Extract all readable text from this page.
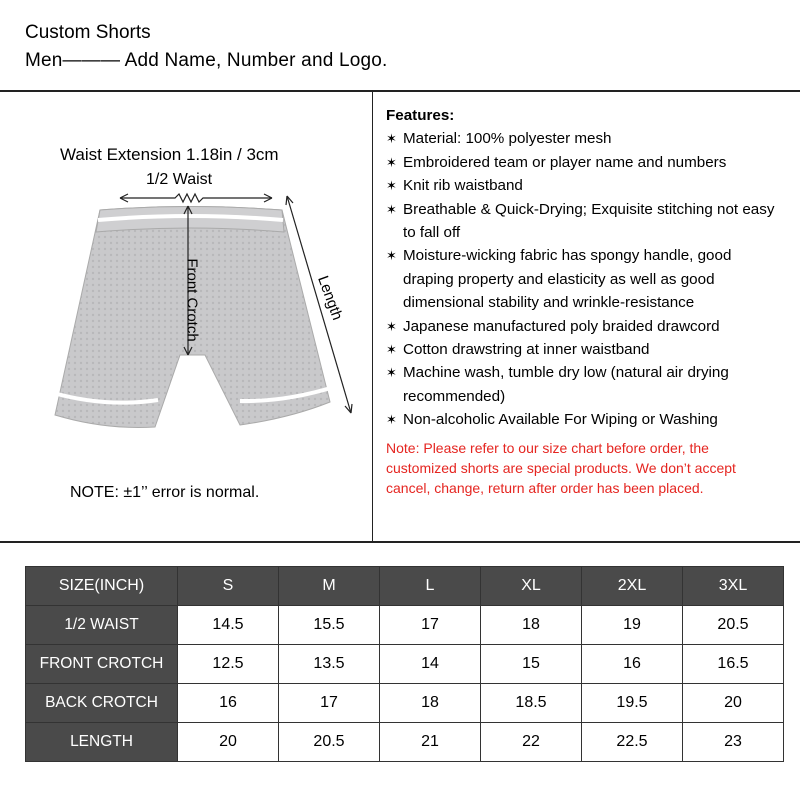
Custom Shorts
Men——— Add Name, Number and Logo.
Waist Extension 1.18in / 3cm
1/2 Waist
Front Crotch	Length
NOTE: ±1’’ error is normal.
Features:
✶ Material: 100% polyester mesh
✶ Embroidered team or player name and numbers
✶ Knit rib waistband
✶ Breathable & Quick-Drying; Exquisite stitching not easy to fall off
✶ Moisture-wicking fabric has spongy handle, good draping property and elasticity as well as good dimensional stability and wrinkle-resistance
✶ Japanese manufactured poly braided drawcord
✶ Cotton drawstring at inner waistband
✶ Machine wash, tumble dry low (natural air drying recommended)
✶ Non-alcoholic Available For Wiping or Washing
Note: Please refer to our size chart before order, the customized shorts are special products. We don’t accept cancel, change, return after order has been placed.
SIZE(INCH)	S	M	L	XL	2XL	3XL
1/2 WAIST	14.5	15.5	17	18	19	20.5
FRONT CROTCH	12.5	13.5	14	15	16	16.5
BACK CROTCH	16	17	18	18.5	19.5	20
LENGTH	20	20.5	21	22	22.5	23
